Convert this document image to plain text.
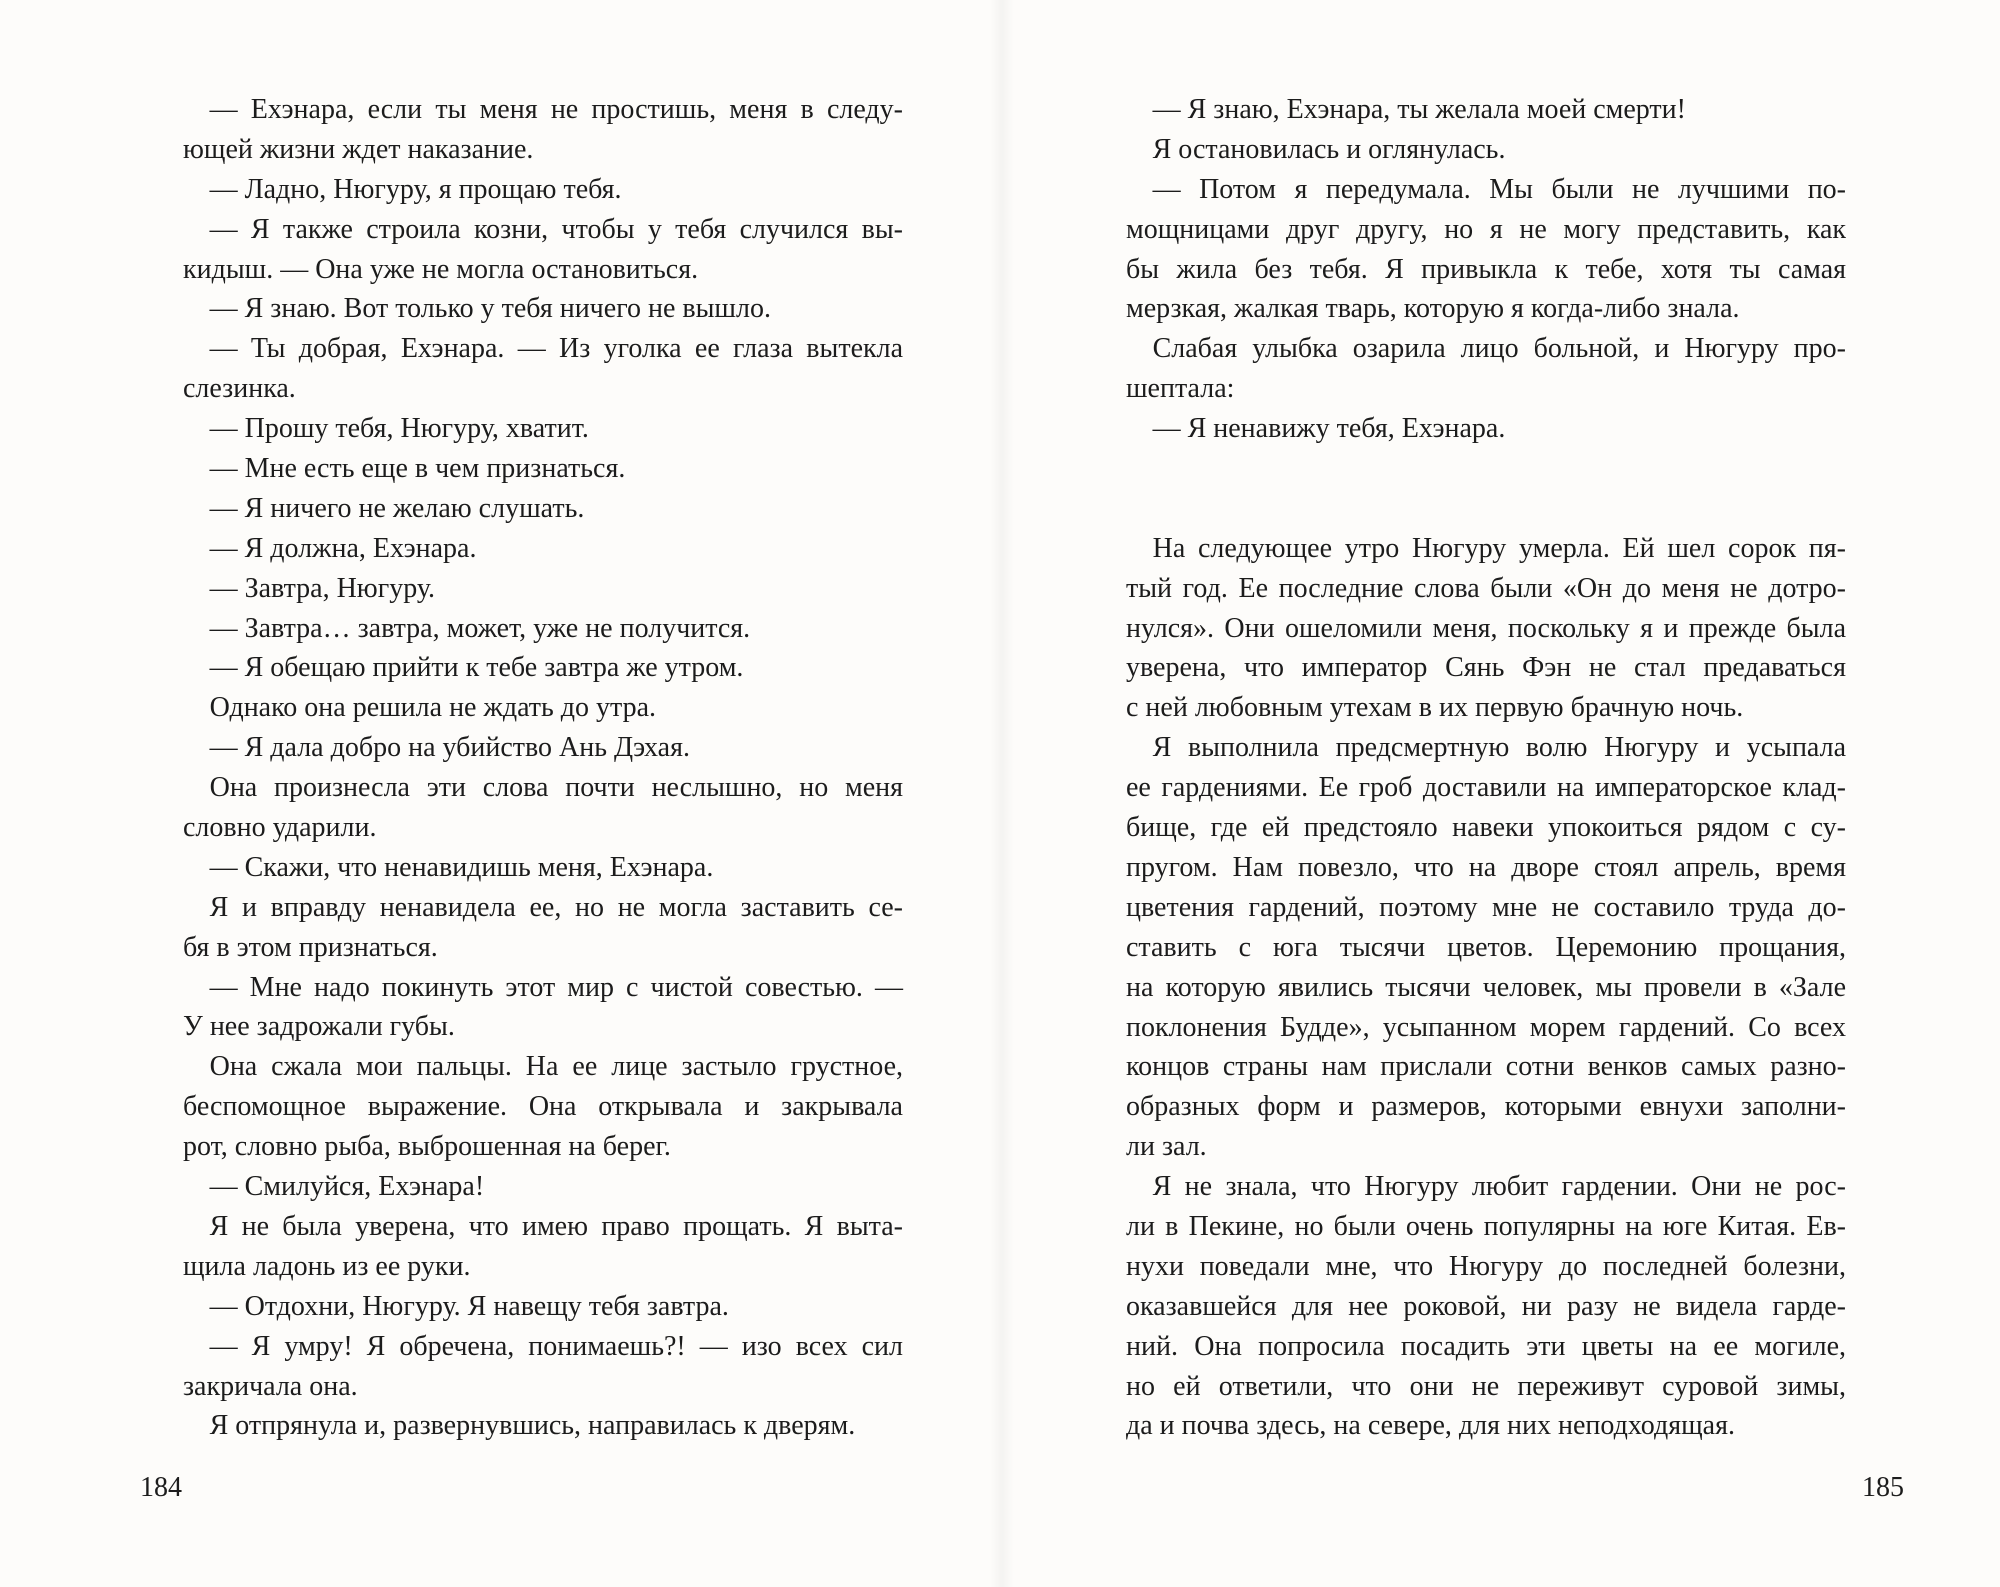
— Ехэнара, если ты меня не простишь, меня в следу-

ющей жизни ждет наказание.

— Ладно, Нюгуру, я прощаю тебя.

— Я также строила козни, чтобы у тебя случился вы-

кидыш. — Она уже не могла остановиться.

— Я знаю. Вот только у тебя ничего не вышло.

— Ты добрая, Ехэнара. — Из уголка ее глаза вытекла

слезинка.

— Прошу тебя, Нюгуру, хватит.

— Мне есть еще в чем признаться.

— Я ничего не желаю слушать.

— Я должна, Ехэнара.

— Завтра, Нюгуру.

— Завтра… завтра, может, уже не получится.

— Я обещаю прийти к тебе завтра же утром.

Однако она решила не ждать до утра.

— Я дала добро на убийство Ань Дэхая.

Она произнесла эти слова почти неслышно, но меня

словно ударили.

— Скажи, что ненавидишь меня, Ехэнара.

Я и вправду ненавидела ее, но не могла заставить се-

бя в этом признаться.

— Мне надо покинуть этот мир с чистой совестью. —

У нее задрожали губы.

Она сжала мои пальцы. На ее лице застыло грустное,

беспомощное выражение. Она открывала и закрывала

рот, словно рыба, выброшенная на берег.

— Смилуйся, Ехэнара!

Я не была уверена, что имею право прощать. Я выта-

щила ладонь из ее руки.

— Отдохни, Нюгуру. Я навещу тебя завтра.

— Я умру! Я обречена, понимаешь?! — изо всех сил

закричала она.

Я отпрянула и, развернувшись, направилась к дверям.

— Я знаю, Ехэнара, ты желала моей смерти!

Я остановилась и оглянулась.

— Потом я передумала. Мы были не лучшими по-

мощницами друг другу, но я не могу представить, как

бы жила без тебя. Я привыкла к тебе, хотя ты самая

мерзкая, жалкая тварь, которую я когда-либо знала.

Слабая улыбка озарила лицо больной, и Нюгуру про-

шептала:

— Я ненавижу тебя, Ехэнара.

На следующее утро Нюгуру умерла. Ей шел сорок пя-

тый год. Ее последние слова были «Он до меня не дотро-

нулся». Они ошеломили меня, поскольку я и прежде была

уверена, что император Сянь Фэн не стал предаваться

с ней любовным утехам в их первую брачную ночь.

Я выполнила предсмертную волю Нюгуру и усыпала

ее гардениями. Ее гроб доставили на императорское клад-

бище, где ей предстояло навеки упокоиться рядом с су-

пругом. Нам повезло, что на дворе стоял апрель, время

цветения гардений, поэтому мне не составило труда до-

ставить с юга тысячи цветов. Церемонию прощания,

на которую явились тысячи человек, мы провели в «Зале

поклонения Будде», усыпанном морем гардений. Со всех

концов страны нам прислали сотни венков самых разно-

образных форм и размеров, которыми евнухи заполни-

ли зал.

Я не знала, что Нюгуру любит гардении. Они не рос-

ли в Пекине, но были очень популярны на юге Китая. Ев-

нухи поведали мне, что Нюгуру до последней болезни,

оказавшейся для нее роковой, ни разу не видела гарде-

ний. Она попросила посадить эти цветы на ее могиле,

но ей ответили, что они не переживут суровой зимы,

да и почва здесь, на севере, для них неподходящая.

184	185
